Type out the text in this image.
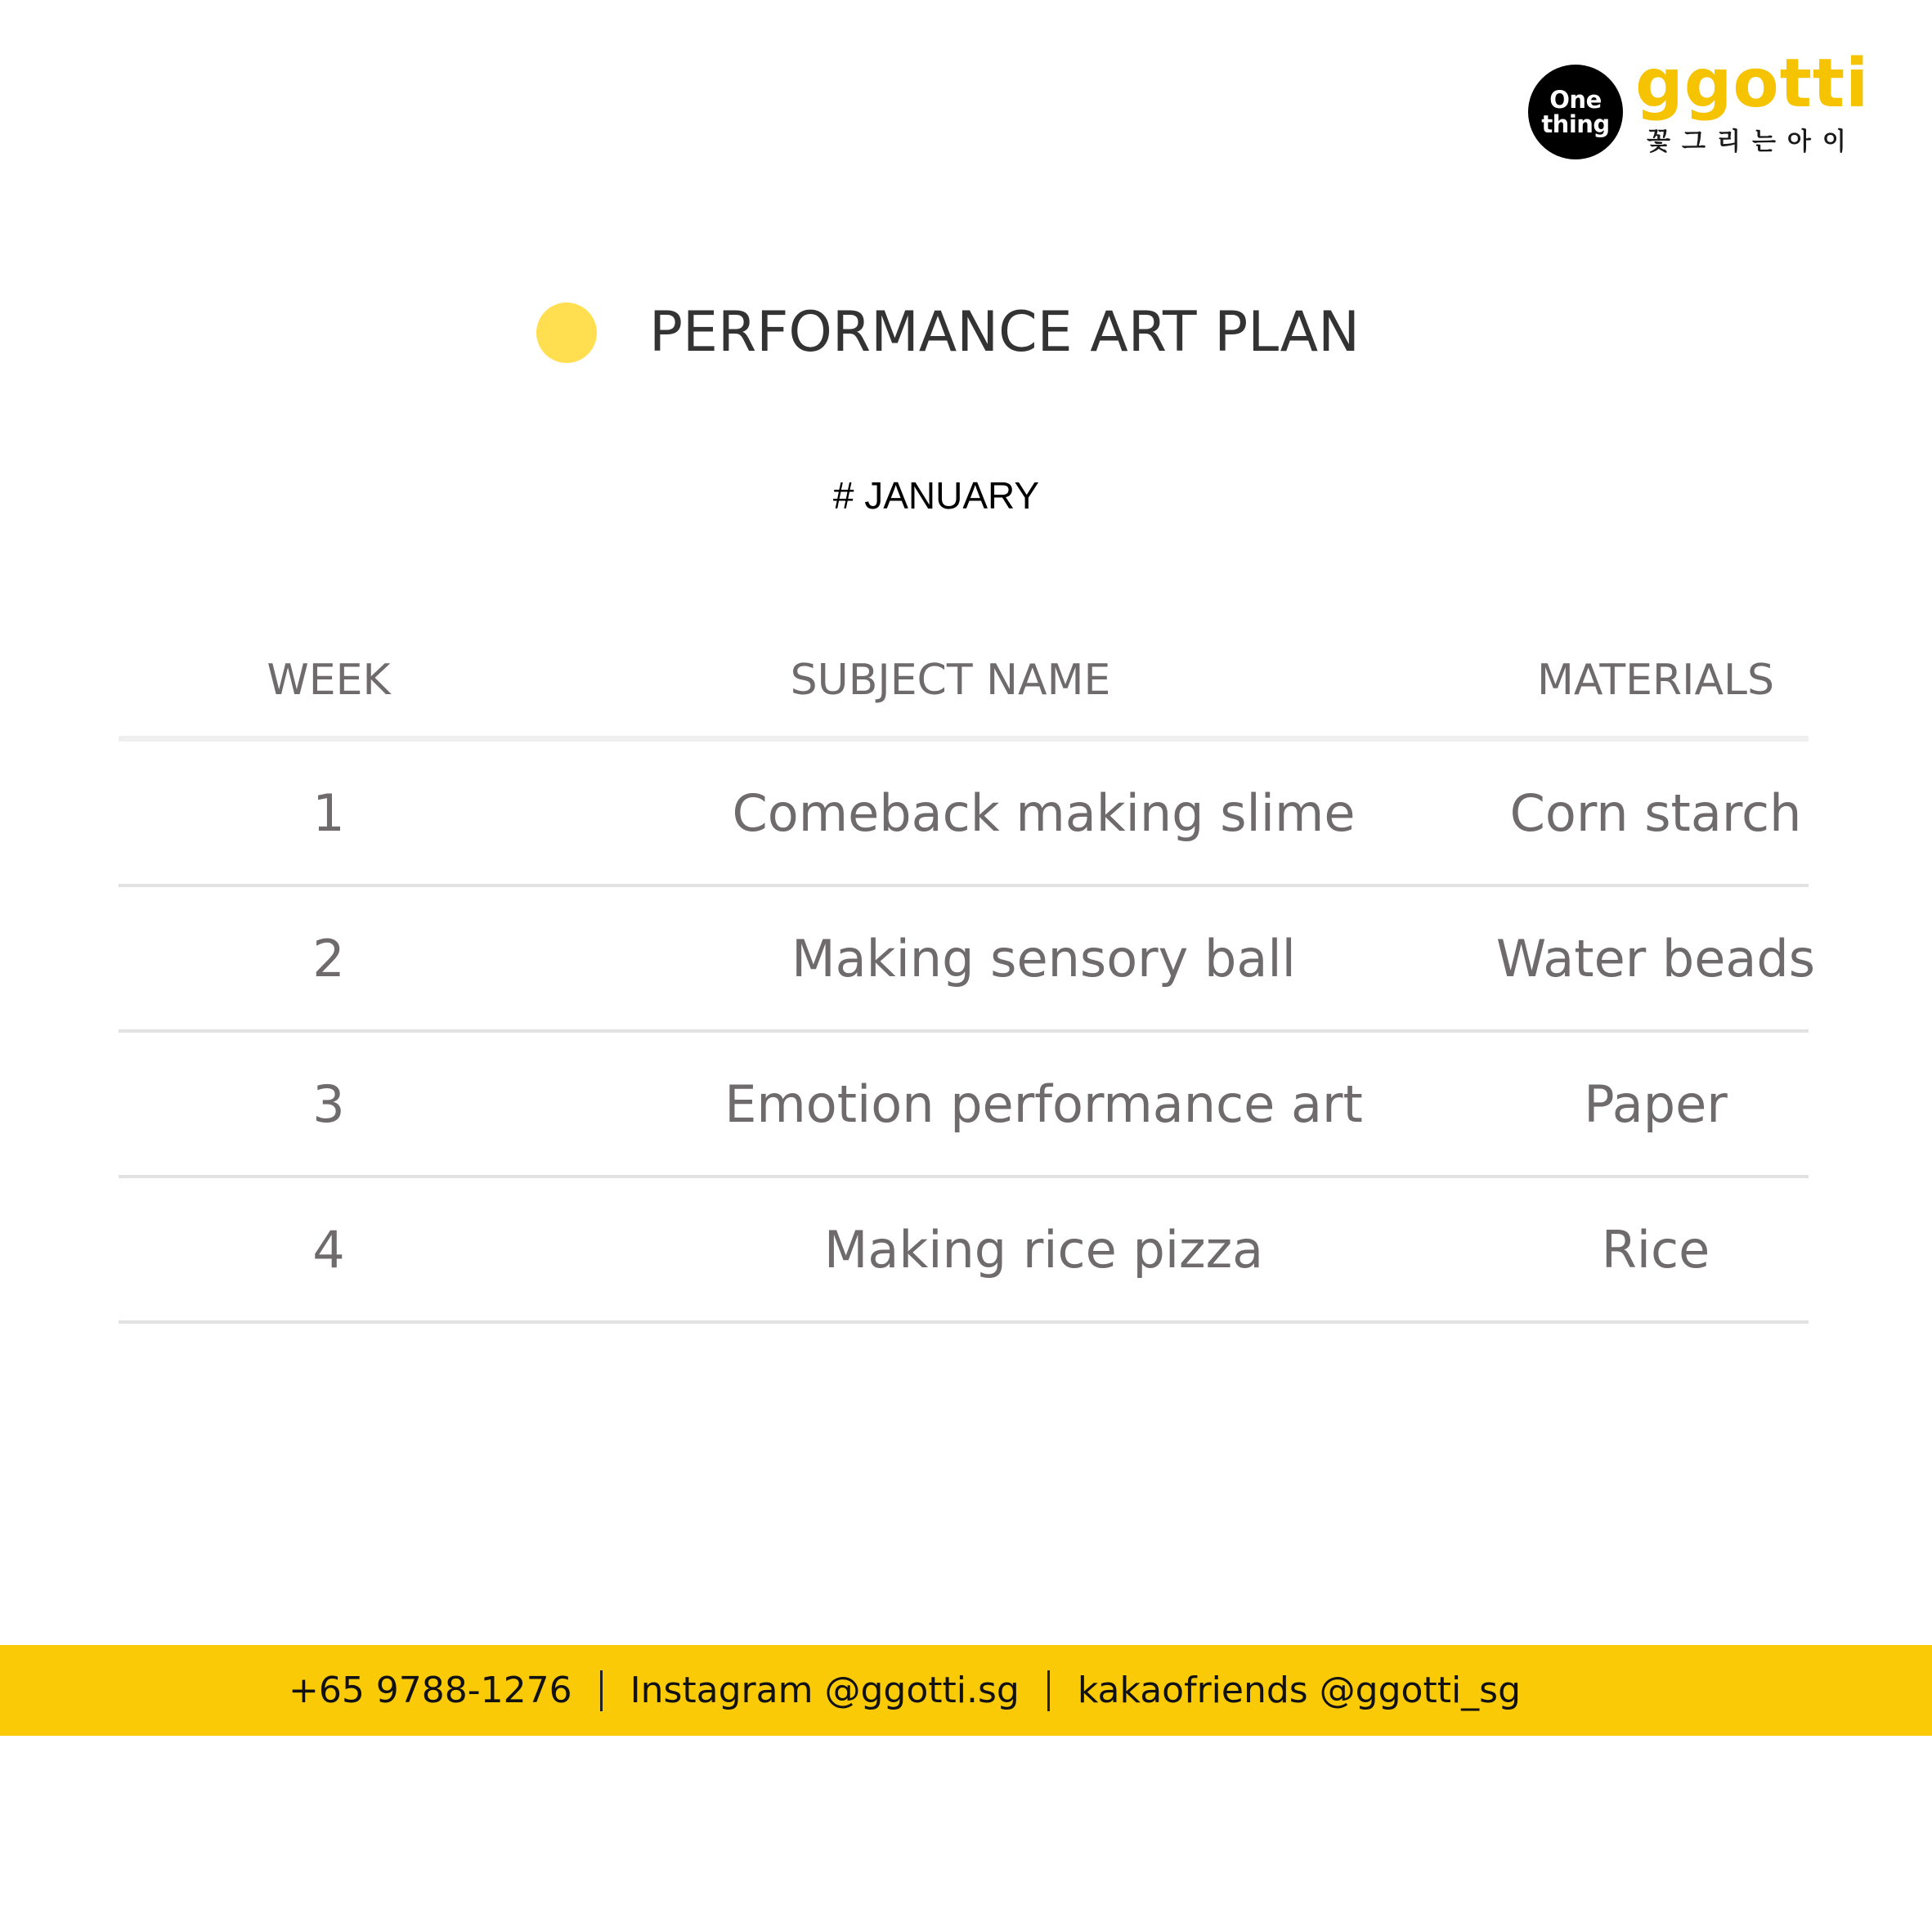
One
thing
ggotti
꽃그리는아이
PERFORMANCE ART PLAN
# JANUARY
WEEK	SUBJECT NAME	MATERIALS
1	Comeback making slime	Corn starch
2	Making sensory ball	Water beads
3	Emotion performance art	Paper
4	Making rice pizza	Rice
+65 9788-1276 Instagram @ggotti.sg kakaofriends @ggotti_sg
